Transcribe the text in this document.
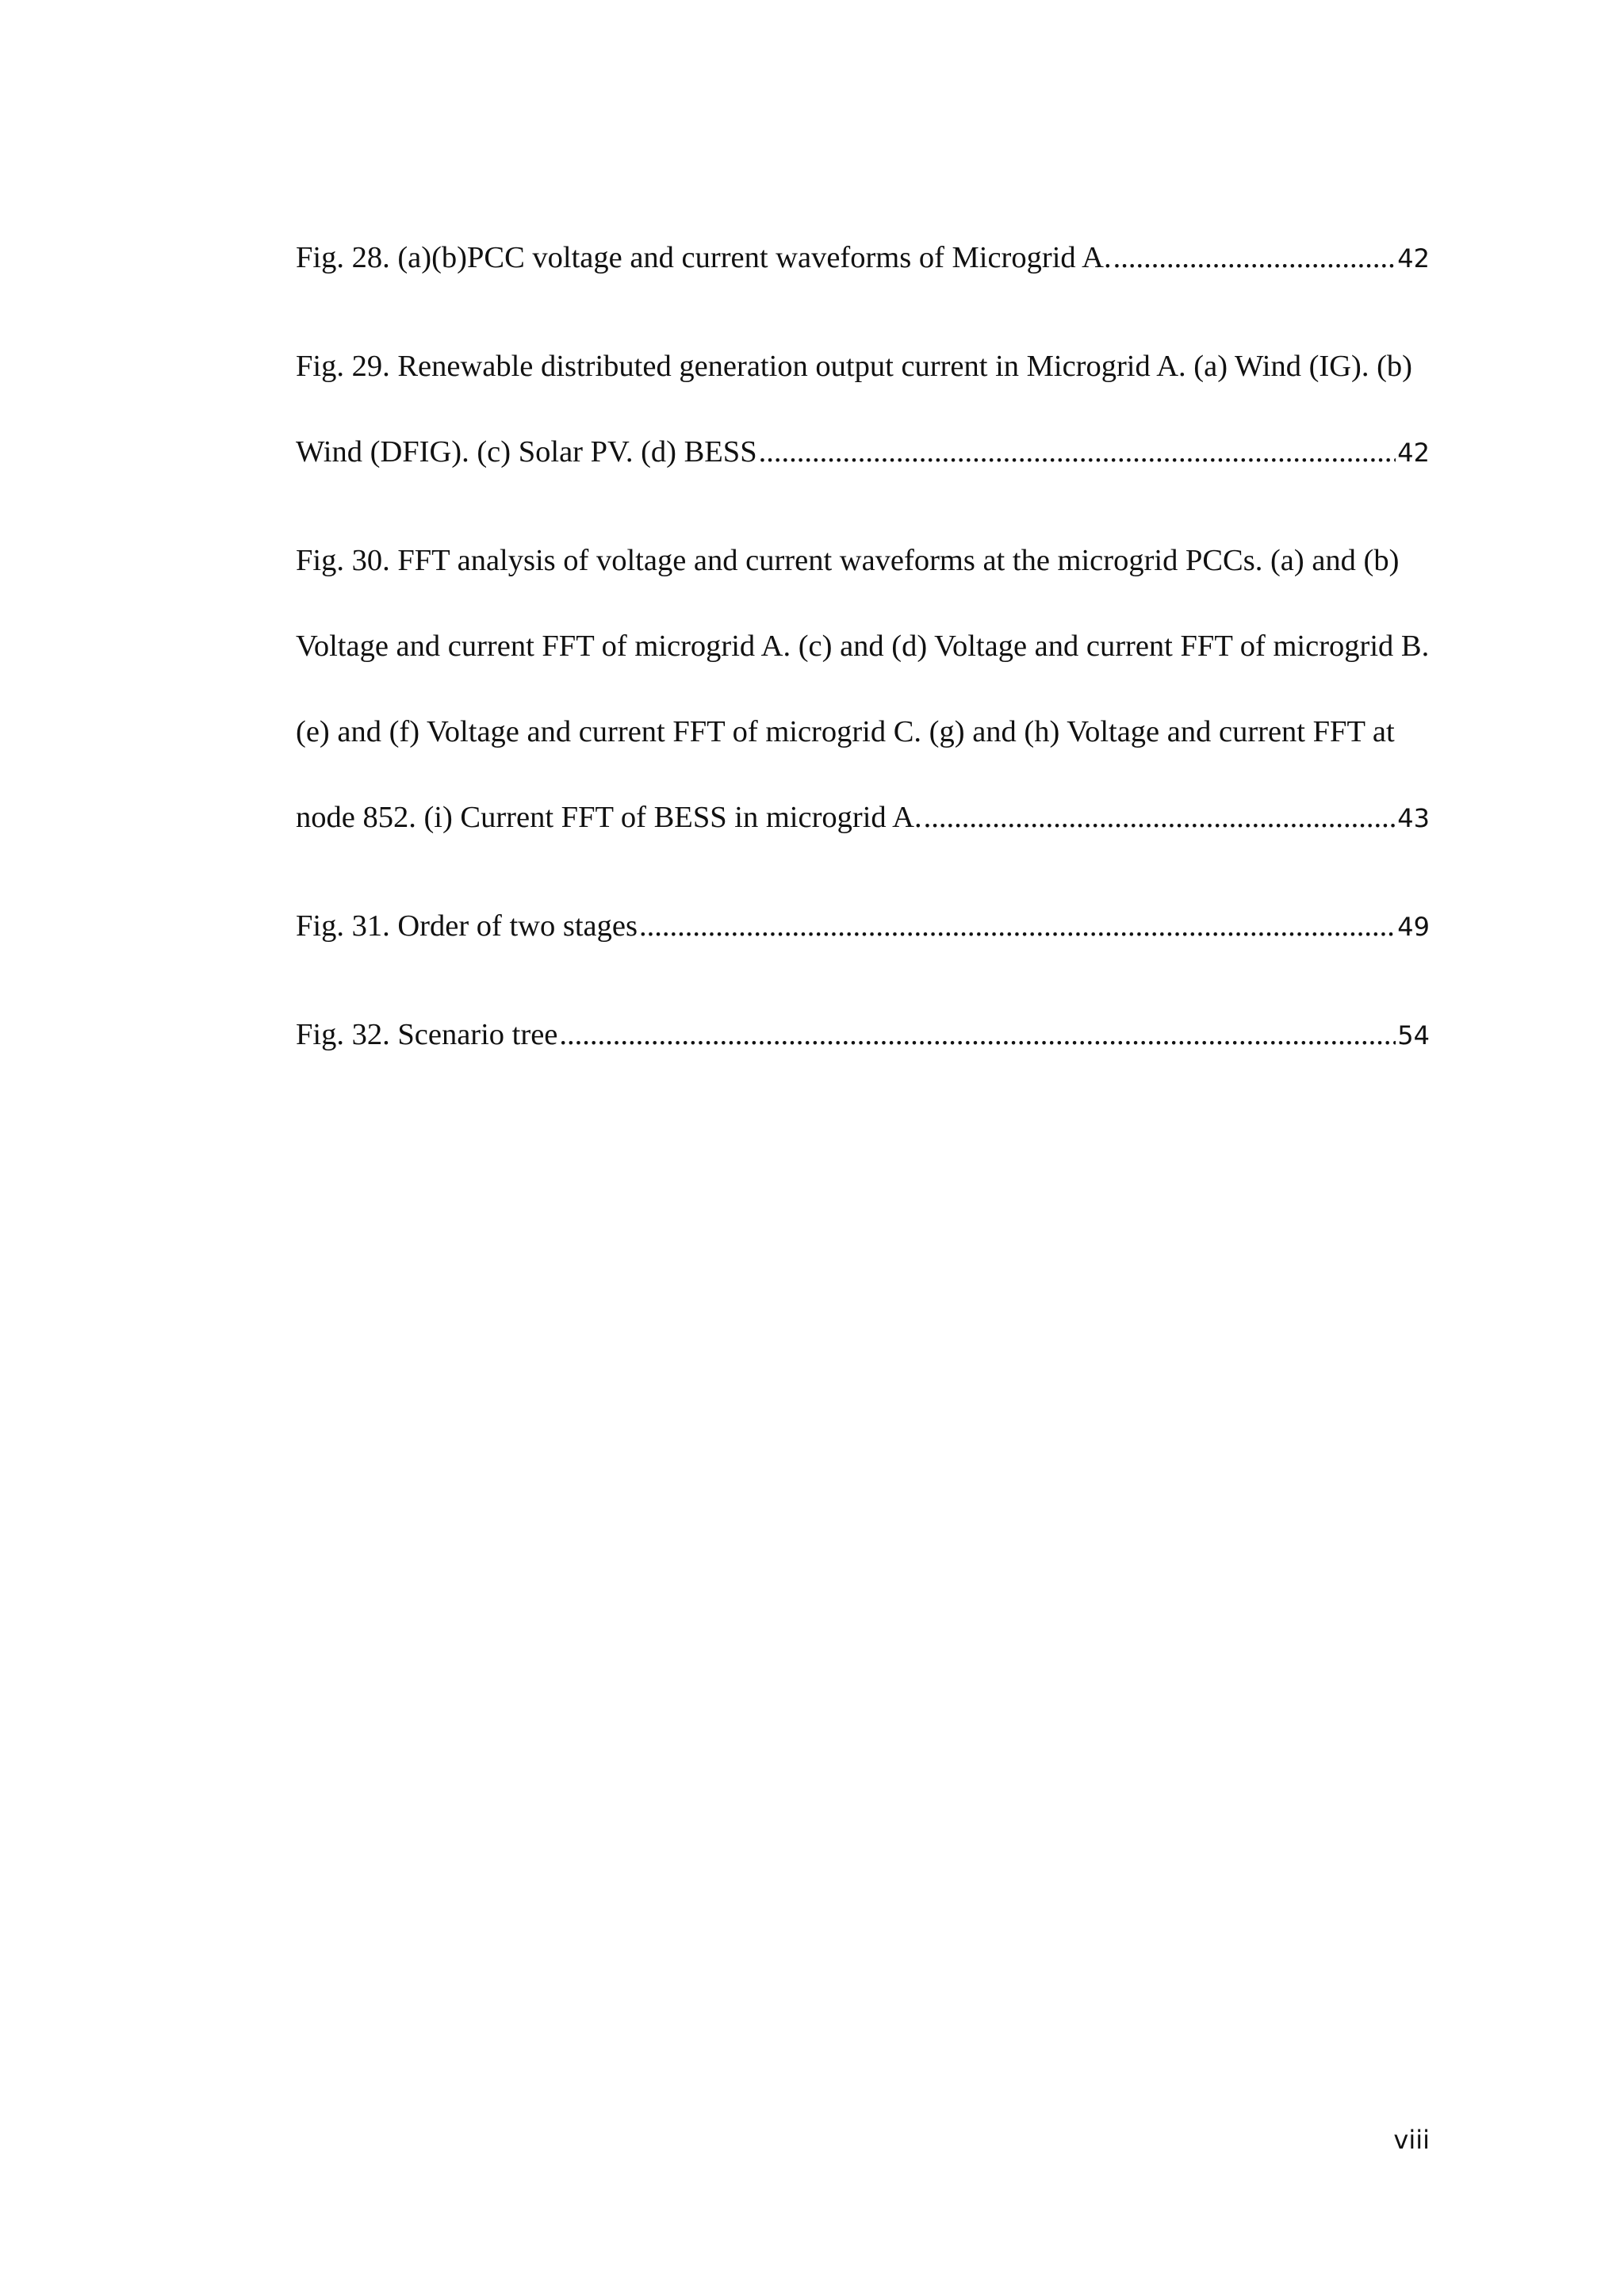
Fig. 28. (a)(b)PCC voltage and current waveforms of Microgrid A. .....	42
Fig. 29. Renewable distributed generation output current in Microgrid A. (a) Wind (IG). (b)
Wind (DFIG). (c) Solar PV. (d) BESS .....	42
Fig. 30. FFT analysis of voltage and current waveforms at the microgrid PCCs. (a) and (b)
Voltage and current FFT of microgrid A. (c) and (d) Voltage and current FFT of microgrid B.
(e) and (f) Voltage and current FFT of microgrid C. (g) and (h) Voltage and current FFT at
node 852. (i) Current FFT of BESS in microgrid A. .....	43
Fig. 31. Order of two stages .....	49
Fig. 32. Scenario tree .....	54
viii
